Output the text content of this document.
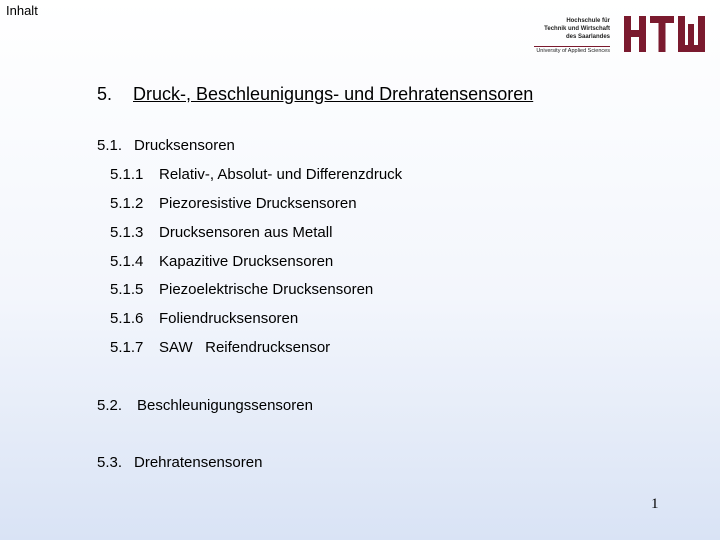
Inhalt
Hochschule für
Technik und Wirtschaft
des Saarlandes
University of Applied Sciences
5. Druck-, Beschleunigungs- und Drehratensensoren
5.1. Drucksensoren
5.1.1 Relativ-, Absolut- und Differenzdruck
5.1.2 Piezoresistive Drucksensoren
5.1.3 Drucksensoren aus Metall
5.1.4 Kapazitive Drucksensoren
5.1.5 Piezoelektrische Drucksensoren
5.1.6 Foliendrucksensoren
5.1.7 SAW   Reifendrucksensor
5.2. Beschleunigungssensoren
5.3. Drehratensensoren
1
